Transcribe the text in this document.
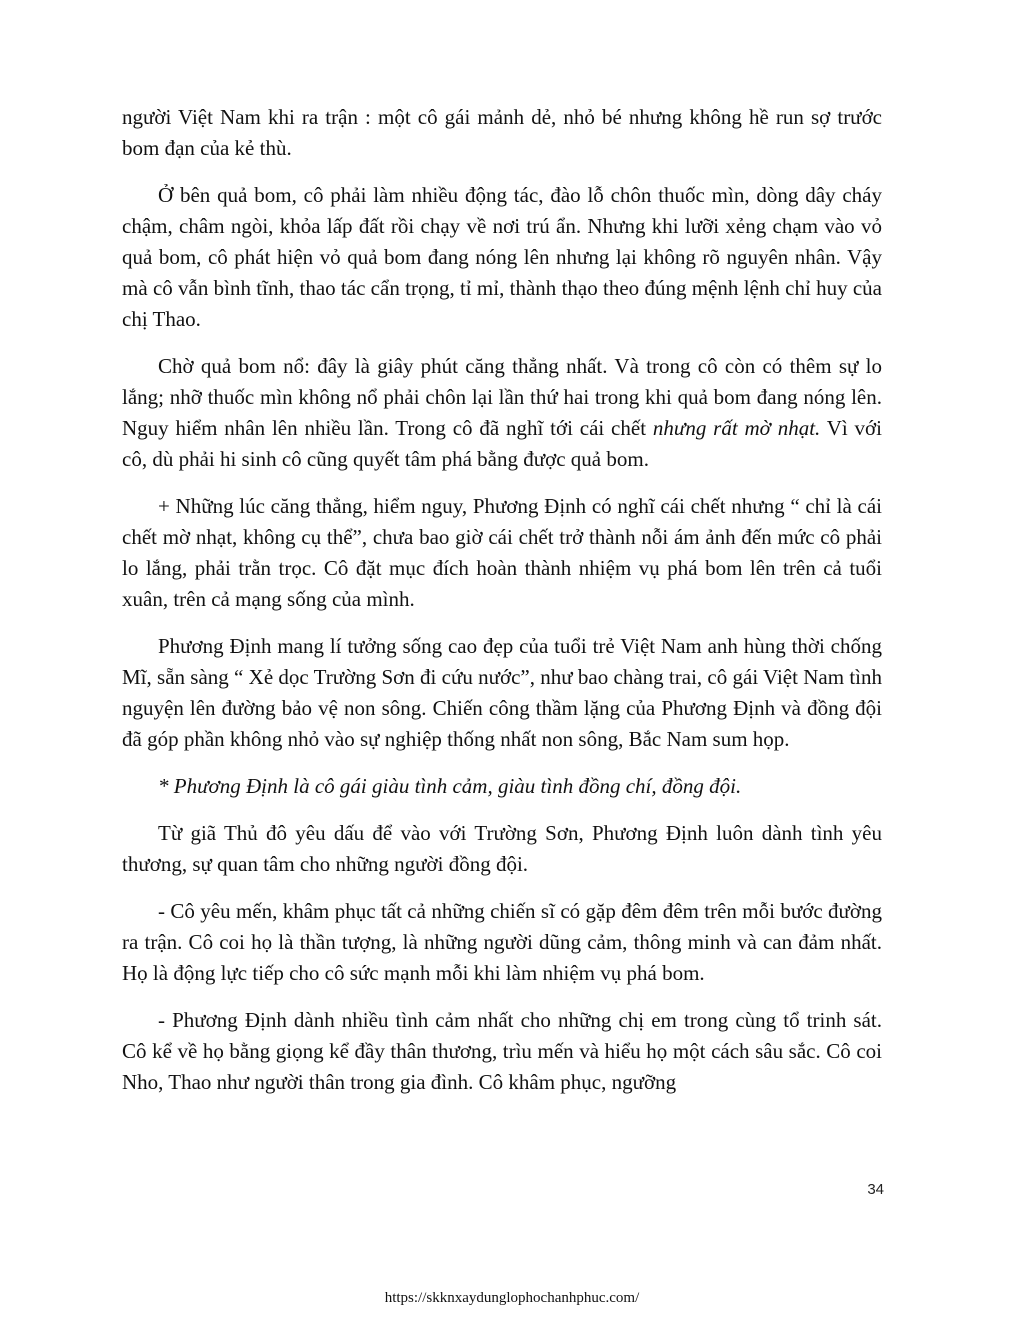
người Việt Nam khi ra trận : một cô gái mảnh dẻ, nhỏ bé nhưng không hề run sợ trước bom đạn của kẻ thù.

Ở bên quả bom, cô phải làm nhiều động tác, đào lỗ chôn thuốc mìn, dòng dây cháy chậm, châm ngòi, khỏa lấp đất rồi chạy về nơi trú ẩn. Nhưng khi lưỡi xẻng chạm vào vỏ quả bom, cô phát hiện vỏ quả bom đang nóng lên nhưng lại không rõ nguyên nhân. Vậy mà cô vẫn bình tĩnh, thao tác cẩn trọng, tỉ mỉ, thành thạo theo đúng mệnh lệnh chỉ huy của chị Thao.

Chờ quả bom nổ: đây là giây phút căng thẳng nhất. Và trong cô còn có thêm sự lo lắng; nhỡ thuốc mìn không nổ phải chôn lại lần thứ hai trong khi quả bom đang nóng lên. Nguy hiểm nhân lên nhiều lần. Trong cô đã nghĩ tới cái chết nhưng rất mờ nhạt. Vì với cô, dù phải hi sinh cô cũng quyết tâm phá bằng được quả bom.

+ Những lúc căng thẳng, hiểm nguy, Phương Định có nghĩ cái chết nhưng “ chỉ là cái chết mờ nhạt, không cụ thể”, chưa bao giờ cái chết trở thành nỗi ám ảnh đến mức cô phải lo lắng, phải trằn trọc. Cô đặt mục đích hoàn thành nhiệm vụ phá bom lên trên cả tuổi xuân, trên cả mạng sống của mình.

Phương Định mang lí tưởng sống cao đẹp của tuổi trẻ Việt Nam anh hùng thời chống Mĩ, sẵn sàng “ Xẻ dọc Trường Sơn đi cứu nước”, như bao chàng trai, cô gái Việt Nam tình nguyện lên đường bảo vệ non sông. Chiến công thầm lặng của Phương Định và đồng đội đã góp phần không nhỏ vào sự nghiệp thống nhất non sông, Bắc Nam sum họp.

* Phương Định là cô gái giàu tình cảm, giàu tình đồng chí, đồng đội.

Từ giã Thủ đô yêu dấu để vào với Trường Sơn, Phương Định luôn dành tình yêu thương, sự quan tâm cho những người đồng đội.

- Cô yêu mến, khâm phục tất cả những chiến sĩ có gặp đêm đêm trên mỗi bước đường ra trận. Cô coi họ là thần tượng, là những người dũng cảm, thông minh và can đảm nhất. Họ là động lực tiếp cho cô sức mạnh mỗi khi làm nhiệm vụ phá bom.

- Phương Định dành nhiều tình cảm nhất cho những chị em trong cùng tổ trinh sát. Cô kể về họ bằng giọng kể đầy thân thương, trìu mến và hiểu họ một cách sâu sắc. Cô coi Nho, Thao như người thân trong gia đình. Cô khâm phục, ngưỡng

34
https://skknxaydunglophochanhphuc.com/
